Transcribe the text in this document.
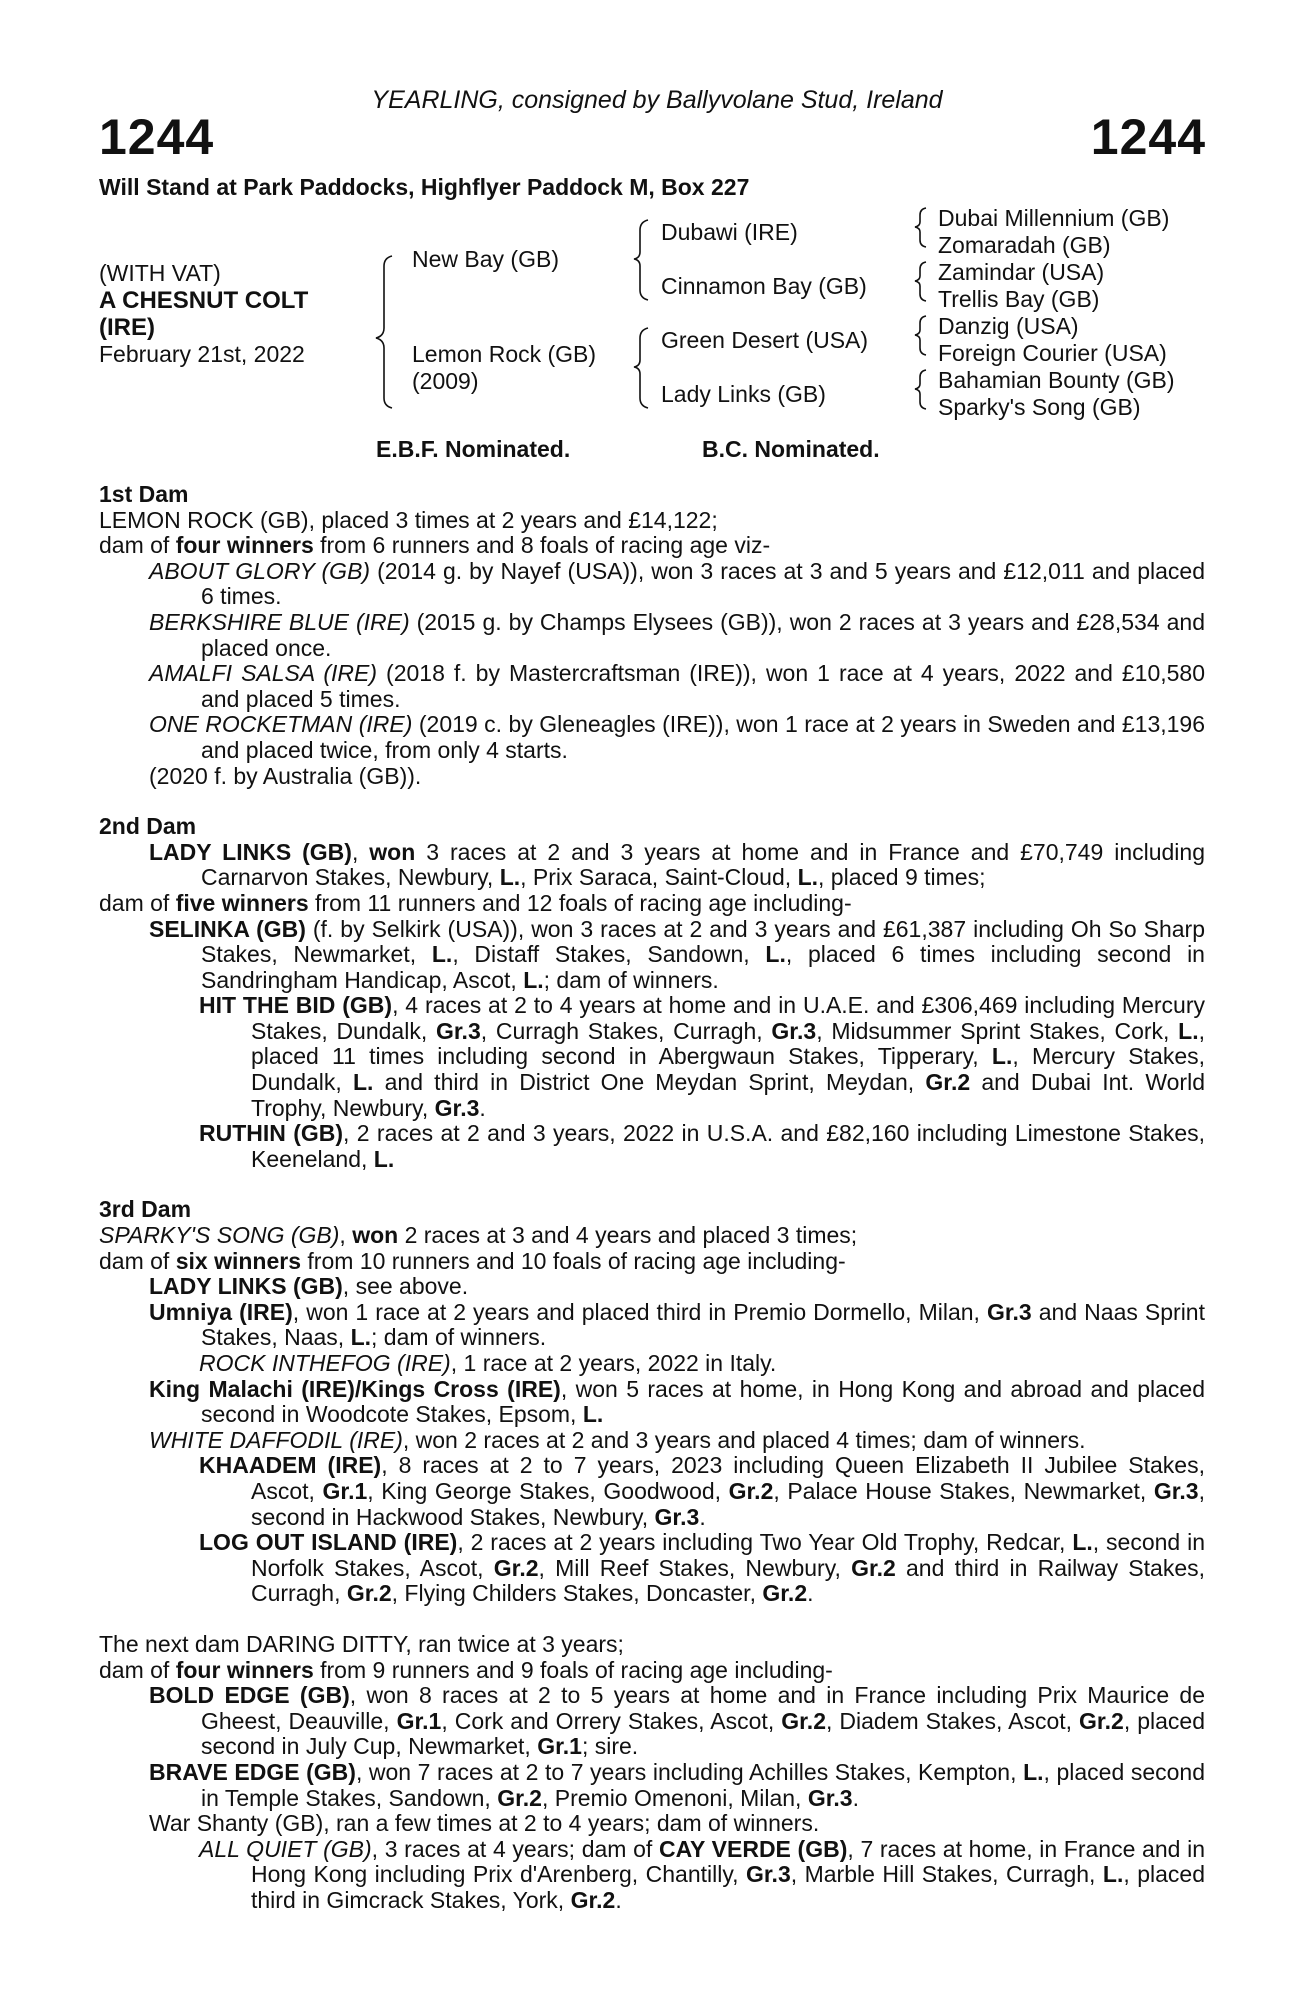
YEARLING, consigned by Ballyvolane Stud, Ireland
1244	1244
Will Stand at Park Paddocks, Highflyer Paddock M, Box 227
(WITH VAT)
A CHESNUT COLT
(IRE)
February 21st, 2022
New Bay (GB)
Lemon Rock (GB)
(2009)
Dubawi (IRE)
Cinnamon Bay (GB)
Green Desert (USA)
Lady Links (GB)
Dubai Millennium (GB)
Zomaradah (GB)
Zamindar (USA)
Trellis Bay (GB)
Danzig (USA)
Foreign Courier (USA)
Bahamian Bounty (GB)
Sparky's Song (GB)
E.B.F. Nominated.	B.C. Nominated.

1st Dam

LEMON ROCK (GB), placed 3 times at 2 years and £14,122;

dam of four winners from 6 runners and 8 foals of racing age viz-

ABOUT GLORY (GB) (2014 g. by Nayef (USA)), won 3 races at 3 and 5 years and £12,011 and placed 6 times.

BERKSHIRE BLUE (IRE) (2015 g. by Champs Elysees (GB)), won 2 races at 3 years and £28,534 and placed once.

AMALFI SALSA (IRE) (2018 f. by Mastercraftsman (IRE)), won 1 race at 4 years, 2022 and £10,580 and placed 5 times.

ONE ROCKETMAN (IRE) (2019 c. by Gleneagles (IRE)), won 1 race at 2 years in Sweden and £13,196 and placed twice, from only 4 starts.

(2020 f. by Australia (GB)).

2nd Dam

LADY LINKS (GB), won 3 races at 2 and 3 years at home and in France and £70,749 including Carnarvon Stakes, Newbury, L., Prix Saraca, Saint-Cloud, L., placed 9 times;

dam of five winners from 11 runners and 12 foals of racing age including-

SELINKA (GB) (f. by Selkirk (USA)), won 3 races at 2 and 3 years and £61,387 including Oh So Sharp Stakes, Newmarket, L., Distaff Stakes, Sandown, L., placed 6 times including second in Sandringham Handicap, Ascot, L.; dam of winners.

HIT THE BID (GB), 4 races at 2 to 4 years at home and in U.A.E. and £306,469 including Mercury Stakes, Dundalk, Gr.3, Curragh Stakes, Curragh, Gr.3, Midsummer Sprint Stakes, Cork, L., placed 11 times including second in Abergwaun Stakes, Tipperary, L., Mercury Stakes, Dundalk, L. and third in District One Meydan Sprint, Meydan, Gr.2 and Dubai Int. World Trophy, Newbury, Gr.3.

RUTHIN (GB), 2 races at 2 and 3 years, 2022 in U.S.A. and £82,160 including Limestone Stakes, Keeneland, L.

3rd Dam

SPARKY'S SONG (GB), won 2 races at 3 and 4 years and placed 3 times;

dam of six winners from 10 runners and 10 foals of racing age including-

LADY LINKS (GB), see above.

Umniya (IRE), won 1 race at 2 years and placed third in Premio Dormello, Milan, Gr.3 and Naas Sprint Stakes, Naas, L.; dam of winners.

ROCK INTHEFOG (IRE), 1 race at 2 years, 2022 in Italy.

King Malachi (IRE)/Kings Cross (IRE), won 5 races at home, in Hong Kong and abroad and placed second in Woodcote Stakes, Epsom, L.

WHITE DAFFODIL (IRE), won 2 races at 2 and 3 years and placed 4 times; dam of winners.

KHAADEM (IRE), 8 races at 2 to 7 years, 2023 including Queen Elizabeth II Jubilee Stakes, Ascot, Gr.1, King George Stakes, Goodwood, Gr.2, Palace House Stakes, Newmarket, Gr.3, second in Hackwood Stakes, Newbury, Gr.3.

LOG OUT ISLAND (IRE), 2 races at 2 years including Two Year Old Trophy, Redcar, L., second in Norfolk Stakes, Ascot, Gr.2, Mill Reef Stakes, Newbury, Gr.2 and third in Railway Stakes, Curragh, Gr.2, Flying Childers Stakes, Doncaster, Gr.2.

The next dam DARING DITTY, ran twice at 3 years;

dam of four winners from 9 runners and 9 foals of racing age including-

BOLD EDGE (GB), won 8 races at 2 to 5 years at home and in France including Prix Maurice de Gheest, Deauville, Gr.1, Cork and Orrery Stakes, Ascot, Gr.2, Diadem Stakes, Ascot, Gr.2, placed second in July Cup, Newmarket, Gr.1; sire.

BRAVE EDGE (GB), won 7 races at 2 to 7 years including Achilles Stakes, Kempton, L., placed second in Temple Stakes, Sandown, Gr.2, Premio Omenoni, Milan, Gr.3.

War Shanty (GB), ran a few times at 2 to 4 years; dam of winners.

ALL QUIET (GB), 3 races at 4 years; dam of CAY VERDE (GB), 7 races at home, in France and in Hong Kong including Prix d'Arenberg, Chantilly, Gr.3, Marble Hill Stakes, Curragh, L., placed third in Gimcrack Stakes, York, Gr.2.
